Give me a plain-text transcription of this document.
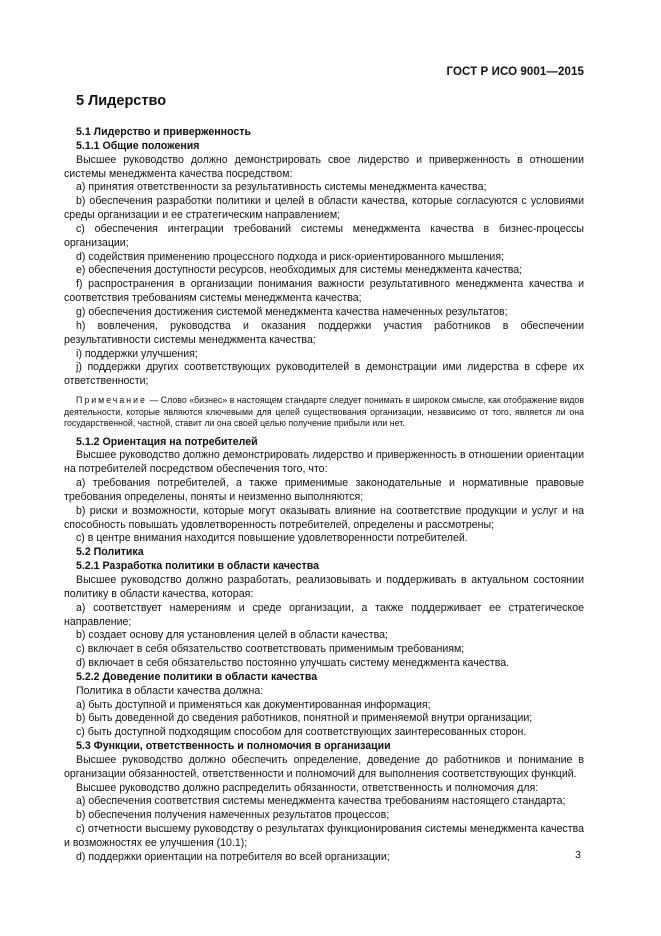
ГОСТ Р ИСО 9001—2015
5 Лидерство

5.1 Лидерство и приверженность

5.1.1 Общие положения

Высшее руководство должно демонстрировать свое лидерство и приверженность в отношении системы менеджмента качества посредством:

a) принятия ответственности за результативность системы менеджмента качества;

b) обеспечения разработки политики и целей в области качества, которые согласуются с условиями среды организации и ее стратегическим направлением;

c) обеспечения интеграции требований системы менеджмента качества в бизнес-процессы организации;

d) содействия применению процессного подхода и риск-ориентированного мышления;

e) обеспечения доступности ресурсов, необходимых для системы менеджмента качества;

f) распространения в организации понимания важности результативного менеджмента качества и соответствия требованиям системы менеджмента качества;

g) обеспечения достижения системой менеджмента качества намеченных результатов;

h) вовлечения, руководства и оказания поддержки участия работников в обеспечении результативности системы менеджмента качества;

i) поддержки улучшения;

j) поддержки других соответствующих руководителей в демонстрации ими лидерства в сфере их ответственности;

Примечание — Слово «бизнес» в настоящем стандарте следует понимать в широком смысле, как отображение видов деятельности, которые являются ключевыми для целей существования организации, независимо от того, является ли она государственной, частной, ставит ли она своей целью получение прибыли или нет.

5.1.2 Ориентация на потребителей

Высшее руководство должно демонстрировать лидерство и приверженность в отношении ориентации на потребителей посредством обеспечения того, что:

a) требования потребителей, а также применимые законодательные и нормативные правовые требования определены, поняты и неизменно выполняются;

b) риски и возможности, которые могут оказывать влияние на соответствие продукции и услуг и на способность повышать удовлетворенность потребителей, определены и рассмотрены;

c) в центре внимания находится повышение удовлетворенности потребителей.

5.2 Политика

5.2.1 Разработка политики в области качества

Высшее руководство должно разработать, реализовывать и поддерживать в актуальном состоянии политику в области качества, которая:

a) соответствует намерениям и среде организации, а также поддерживает ее стратегическое направление;

b) создает основу для установления целей в области качества;

c) включает в себя обязательство соответствовать применимым требованиям;

d) включает в себя обязательство постоянно улучшать систему менеджмента качества.

5.2.2 Доведение политики в области качества

Политика в области качества должна:

a) быть доступной и применяться как документированная информация;

b) быть доведенной до сведения работников, понятной и применяемой внутри организации;

c) быть доступной подходящим способом для соответствующих заинтересованных сторон.

5.3 Функции, ответственность и полномочия в организации

Высшее руководство должно обеспечить определение, доведение до работников и понимание в организации обязанностей, ответственности и полномочий для выполнения соответствующих функций.

Высшее руководство должно распределить обязанности, ответственность и полномочия для:

a) обеспечения соответствия системы менеджмента качества требованиям настоящего стандарта;

b) обеспечения получения намеченных результатов процессов;

c) отчетности высшему руководству о результатах функционирования системы менеджмента качества и возможностях ее улучшения (10.1);

d) поддержки ориентации на потребителя во всей организации;	3
